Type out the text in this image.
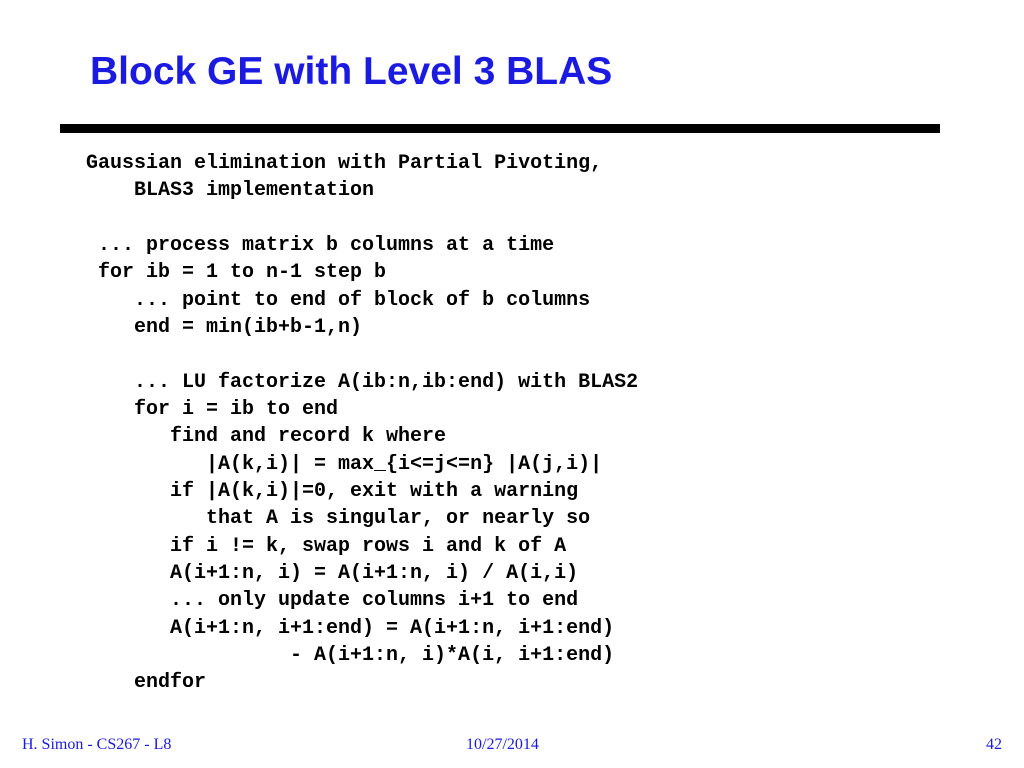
Block GE with Level 3 BLAS
Gaussian elimination with Partial Pivoting,
BLAS3 implementation
... process matrix b columns at a time
for ib = 1 to n-1 step b
... point to end of block of b columns
end = min(ib+b-1,n)
... LU factorize A(ib:n,ib:end) with BLAS2
for i = ib to end
find and record k where
|A(k,i)| = max_{i<=j<=n} |A(j,i)|
if |A(k,i)|=0, exit with a warning
that A is singular, or nearly so
if i != k, swap rows i and k of A
A(i+1:n, i) = A(i+1:n, i) / A(i,i)
... only update columns i+1 to end
A(i+1:n, i+1:end) = A(i+1:n, i+1:end)
- A(i+1:n, i)*A(i, i+1:end)
endfor
H. Simon - CS267 - L8	10/27/2014	42
